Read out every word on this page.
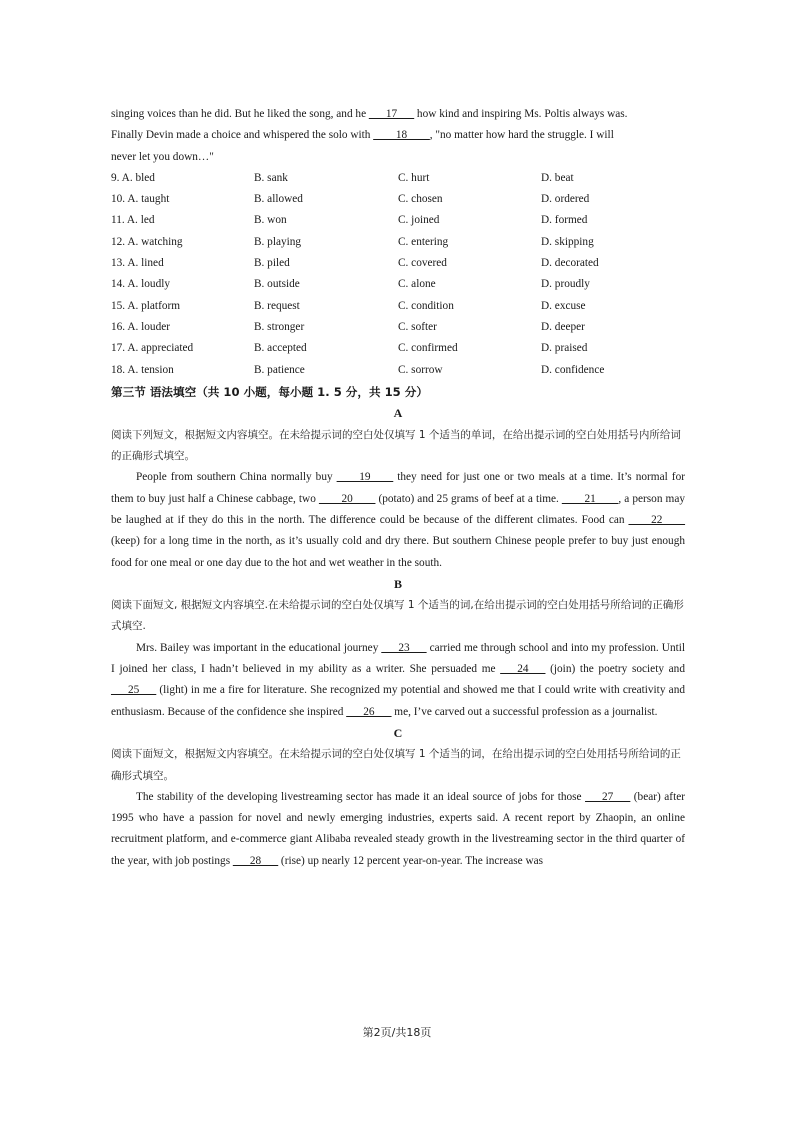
singing voices than he did. But he liked the song, and he ___17___ how kind and inspiring Ms. Poltis always was.

Finally Devin made a choice and whispered the solo with ____18____, "no matter how hard the struggle. I will

never let you down…"

9. A. bled	B. sank	C. hurt	D. beat
10. A. taught	B. allowed	C. chosen	D. ordered
11. A. led	B. won	C. joined	D. formed
12. A. watching	B. playing	C. entering	D. skipping
13. A. lined	B. piled	C. covered	D. decorated
14. A. loudly	B. outside	C. alone	D. proudly
15. A. platform	B. request	C. condition	D. excuse
16. A. louder	B. stronger	C. softer	D. deeper
17. A. appreciated	B. accepted	C. confirmed	D. praised
18. A. tension	B. patience	C. sorrow	D. confidence

第三节 语法填空（共 10 小题，每小题 1. 5 分，共 15 分）

A

阅读下列短文，根据短文内容填空。在未给提示词的空白处仅填写 1 个适当的单词，在给出提示词的空白处用括号内所给词的正确形式填空。

People from southern China normally buy ____19____ they need for just one or two meals at a time. It’s normal for them to buy just half a Chinese cabbage, two ____20____ (potato) and 25 grams of beef at a time. ____21____, a person may be laughed at if they do this in the north. The difference could be because of the different climates. Food can ____22____ (keep) for a long time in the north, as it’s usually cold and dry there. But southern Chinese people prefer to buy just enough food for one meal or one day due to the hot and wet weather in the south.

B

阅读下面短文, 根据短文内容填空.在未给提示词的空白处仅填写 1 个适当的词,在给出提示词的空白处用括号所给词的正确形式填空.

Mrs. Bailey was important in the educational journey ___23___ carried me through school and into my profession. Until I joined her class, I hadn’t believed in my ability as a writer. She persuaded me ___24___ (join) the poetry society and ___25___ (light) in me a fire for literature. She recognized my potential and showed me that I could write with creativity and enthusiasm. Because of the confidence she inspired ___26___ me, I’ve carved out a successful profession as a journalist.

C

阅读下面短文，根据短文内容填空。在未给提示词的空白处仅填写 1 个适当的词，在给出提示词的空白处用括号所给词的正确形式填空。

The stability of the developing livestreaming sector has made it an ideal source of jobs for those ___27___ (bear) after 1995 who have a passion for novel and newly emerging industries, experts said. A recent report by Zhaopin, an online recruitment platform, and e-commerce giant Alibaba revealed steady growth in the livestreaming sector in the third quarter of the year, with job postings ___28___ (rise) up nearly 12 percent year-on-year. The increase was

第2页/共18页
